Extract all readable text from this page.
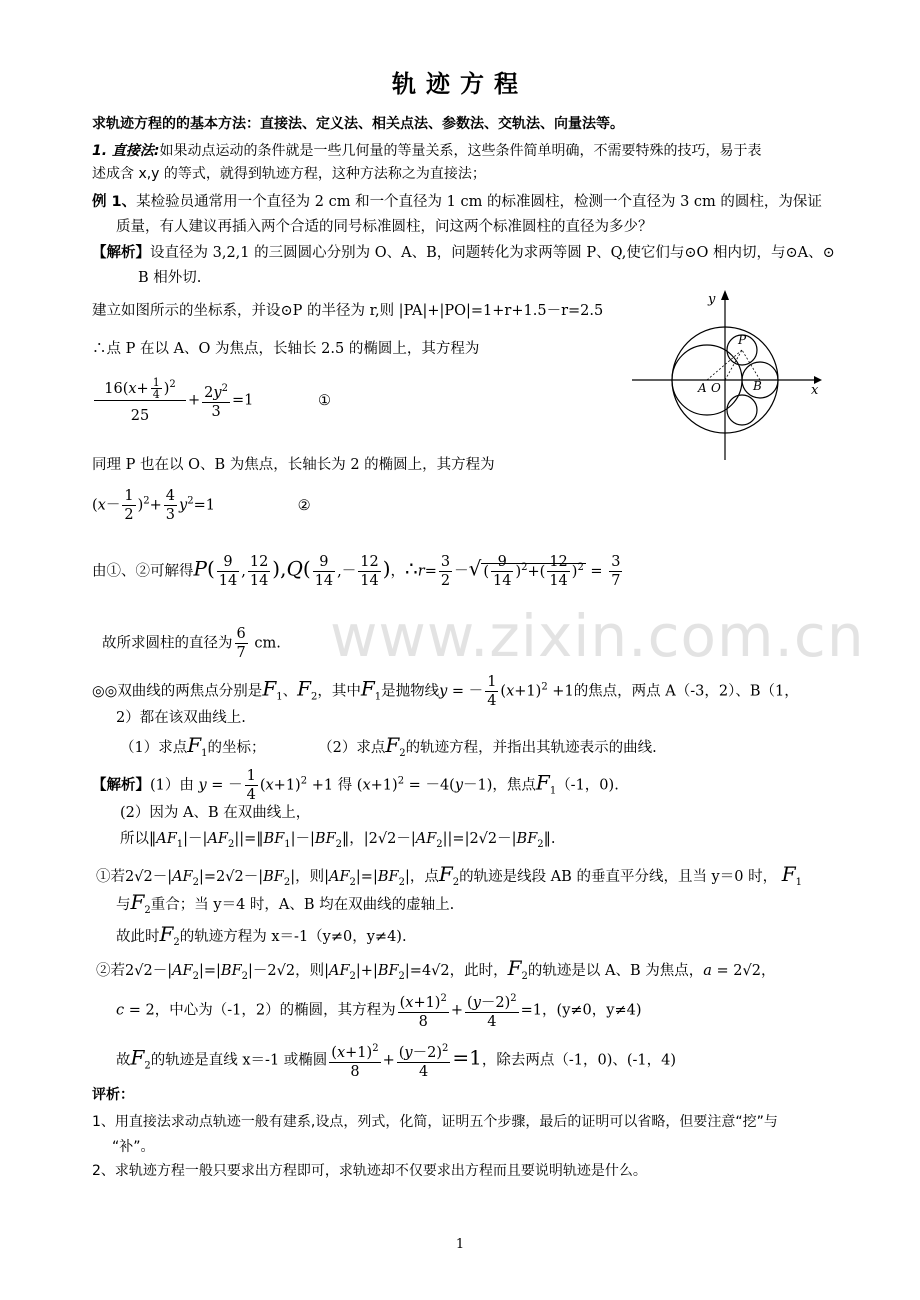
www.zixin.com.cn
轨迹方程
求轨迹方程的的基本方法：直接法、定义法、相关点法、参数法、交轨法、向量法等。
1. 直接法:如果动点运动的条件就是一些几何量的等量关系，这些条件简单明确，不需要特殊的技巧，易于表
述成含 x,y 的等式，就得到轨迹方程，这种方法称之为直接法；
例 1、某检验员通常用一个直径为 2 cm 和一个直径为 1 cm 的标准圆柱，检测一个直径为 3 cm 的圆柱，为保证
质量，有人建议再插入两个合适的同号标准圆柱，问这两个标准圆柱的直径为多少？
【解析】设直径为 3,2,1 的三圆圆心分别为 O、A、B，问题转化为求两等圆 P、Q,使它们与⊙O 相内切，与⊙A、⊙
B 相外切.
建立如图所示的坐标系，并设⊙P 的半径为 r,则 |PA|+|PO|=1+r+1.5－r=2.5
∴点 P 在以 A、O 为焦点，长轴长 2.5 的椭圆上，其方程为
$\frac{16(x+ \frac{1}{4} )^2}{25} + \frac{2y^2}{3} =1$	①
同理 P 也在以 O、B 为焦点，长轴长为 2 的椭圆上，其方程为
$(x- \frac{1}{2} )^2+ \frac{4}{3} y^2=1$	②
由①、②可解得$P( \frac{9}{14}$ , $\frac{12}{14} ),Q( \frac{9}{14}$ ,－ $\frac{12}{14}$ )，∴r= $\frac{3}{2}$ －√ ( $\frac{9}{14} )^2+( \frac{12}{14} )^2 = \frac{3}{7}$
故所求圆柱的直径为 $\frac{6}{7}$ cm.
y
x
P
A O	B
◎◎双曲线的两焦点分别是$F_1$、$F_2$，其中$F_1$是抛物线y = － $\frac{1}{4} (x+1)^2 +1$的焦点，两点 A（-3，2）、B（1，
2）都在该双曲线上.
（1）求点$F_1$的坐标；	（2）求点$F_2$的轨迹方程，并指出其轨迹表示的曲线.
【解析】(1）由 y = － $\frac{1}{4} (x+1)^2 +1$ 得 $(x+1)^2 = -4(y-1)$，焦点$F_1(-1$，0).
(2）因为 A、B 在双曲线上，
所以$‖AF_1|-|AF_2||=‖BF_1|-|BF_2‖$，$|2√2-|AF_2||=|2√2-|BF_2‖$.
①若$2√2-|AF_2|=2√2-|BF_2|$，则$|AF_2|=|BF_2|$，点$F_2$的轨迹是线段 AB 的垂直平分线，且当 y＝0 时， $F_1$
与$F_2$重合；当 y＝4 时，A、B 均在双曲线的虚轴上.
故此时$F_2$的轨迹方程为 x＝-1（y≠0，y≠4).
②若$2√2-|AF_2|=|BF_2|-2√2$，则$|AF_2|+|BF_2|=4√2$，此时，$F_2$的轨迹是以 A、B 为焦点，a = 2√2，
c = 2，中心为（-1，2）的椭圆，其方程为 $\frac{(x+1)^2}{8} + \frac{(y-2)^2}{4} =1$，(y≠0，y≠4)
故$F_2$的轨迹是直线 x＝-1 或椭圆 $\frac{(x+1)^2}{8} + \frac{(y-2)^2}{4} =1$，除去两点（-1，0)、(-1，4)
评析：
1、用直接法求动点轨迹一般有建系,设点，列式，化简，证明五个步骤，最后的证明可以省略，但要注意“挖”与
“补”。
2、求轨迹方程一般只要求出方程即可，求轨迹却不仅要求出方程而且要说明轨迹是什么。
1
